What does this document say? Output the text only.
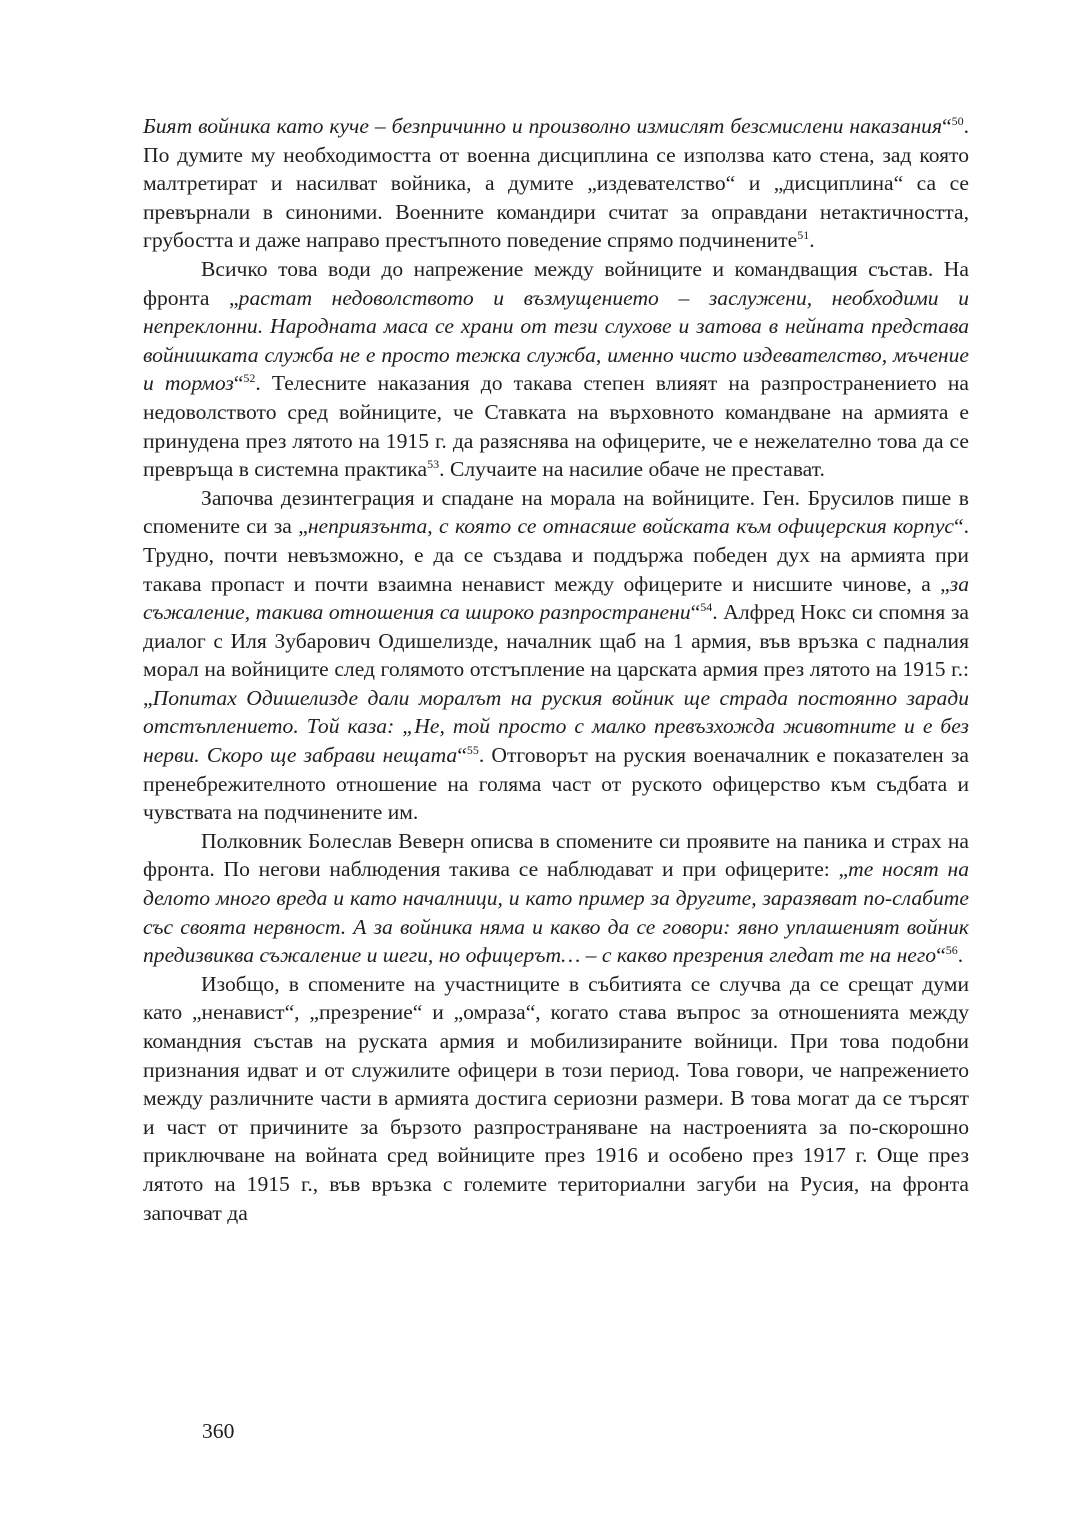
Бият войника като куче – безпричинно и произволно измислят безсмислени наказания“$^{50}$. По думите му необходимостта от военна дисциплина се използва като стена, зад която малтретират и насилват войника, а думите „издевателство“ и „дисциплина“ са се превърнали в синоними. Военните командири считат за оправдани нетактичността, грубостта и даже направо престъпното поведение спрямо подчинените$^{51}$.

Всичко това води до напрежение между войниците и командващия състав. На фронта „растат недоволството и възмущението – заслужени, необходими и непреклонни. Народната маса се храни от тези слухове и затова в нейната представа войнишката служба не е просто тежка служба, именно чисто издевателство, мъчение и тормоз“$^{52}$. Телесните наказания до такава степен влияят на разпространението на недоволството сред войниците, че Ставката на върховното командване на армията е принудена през лятото на 1915 г. да разяснява на офицерите, че е нежелателно това да се превръща в системна практика$^{53}$. Случаите на насилие обаче не престават.

Започва дезинтеграция и спадане на морала на войниците. Ген. Брусилов пише в спомените си за „неприязънта, с която се отнасяше войската към офицерския корпус“. Трудно, почти невъзможно, е да се създава и поддържа победен дух на армията при такава пропаст и почти взаимна ненавист между офицерите и нисшите чинове, а „за съжаление, такива отношения са широко разпространени“$^{54}$. Алфред Нокс си спомня за диалог с Иля Зубарович Одишелизде, началник щаб на 1 армия, във връзка с падналия морал на войниците след голямото отстъпление на царската армия през лятото на 1915 г.: „Попитах Одишелизде дали моралът на руския войник ще страда постоянно заради отстъплението. Той каза: „Не, той просто с малко превъзхожда животните и е без нерви. Скоро ще забрави нещата“$^{55}$. Отговорът на руския военачалник е показателен за пренебрежителното отношение на голяма част от руското офицерство към съдбата и чувствата на подчинените им.

Полковник Болеслав Веверн описва в спомените си проявите на паника и страх на фронта. По негови наблюдения такива се наблюдават и при офицерите: „те носят на делото много вреда и като началници, и като пример за другите, заразяват по-слабите със своята нервност. А за войника няма и какво да се говори: явно уплашеният войник предизвиква съжаление и шеги, но офицерът… – с какво презрения гледат те на него“$^{56}$.

Изобщо, в спомените на участниците в събитията се случва да се срещат думи като „ненавист“, „презрение“ и „омраза“, когато става въпрос за отношенията между командния състав на руската армия и мобилизираните войници. При това подобни признания идват и от служилите офицери в този период. Това говори, че напрежението между различните части в армията достига сериозни размери. В това могат да се търсят и част от причините за бързото разпространяване на настроенията за по-скорошно приключване на войната сред войниците през 1916 и особено през 1917 г. Още през лятото на 1915 г., във връзка с големите териториални загуби на Русия, на фронта започват да

360
